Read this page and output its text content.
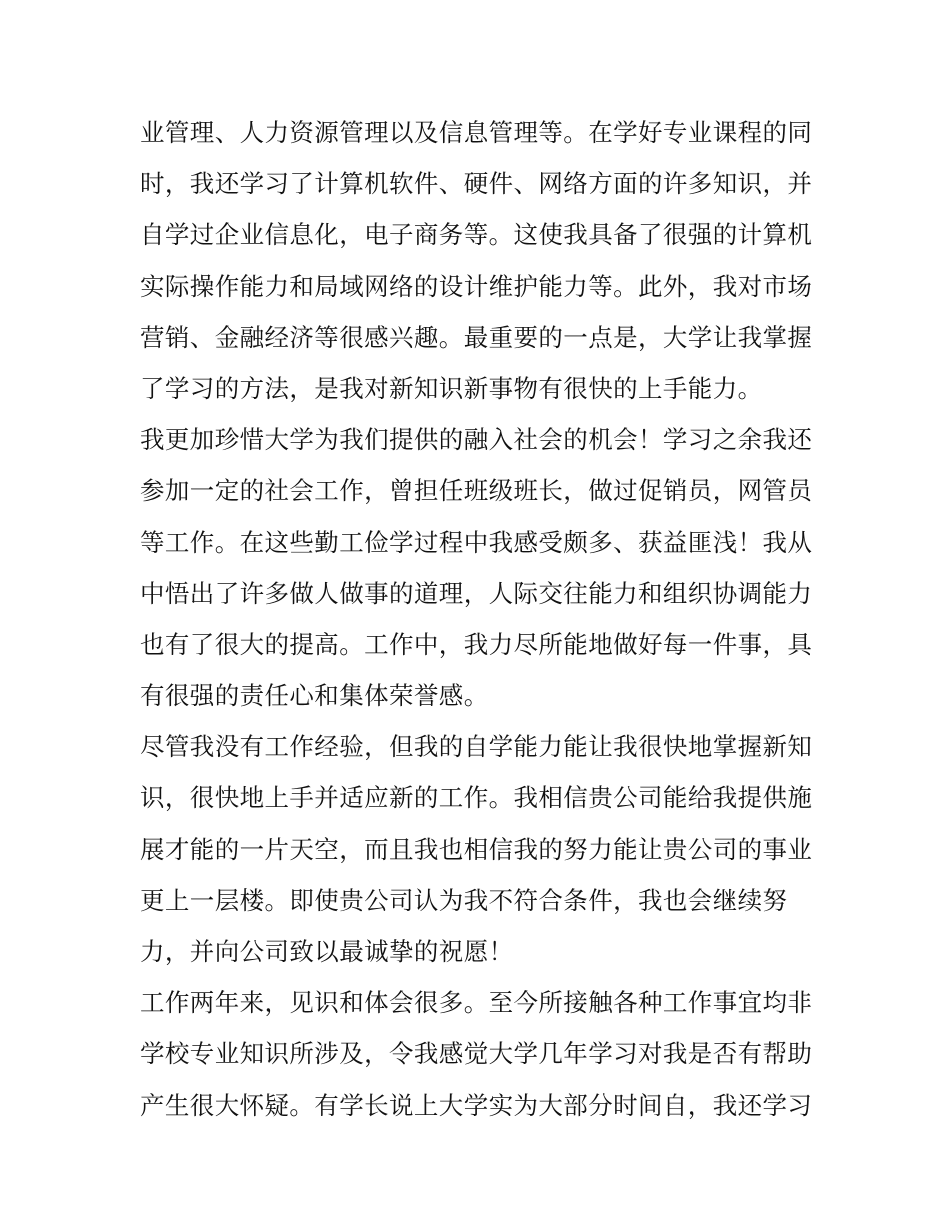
业管理、人力资源管理以及信息管理等。在学好专业课程的同
时，我还学习了计算机软件、硬件、网络方面的许多知识，并
自学过企业信息化，电子商务等。这使我具备了很强的计算机
实际操作能力和局域网络的设计维护能力等。此外，我对市场
营销、金融经济等很感兴趣。最重要的一点是，大学让我掌握
了学习的方法，是我对新知识新事物有很快的上手能力。
我更加珍惜大学为我们提供的融入社会的机会！学习之余我还
参加一定的社会工作，曾担任班级班长，做过促销员，网管员
等工作。在这些勤工俭学过程中我感受颇多、获益匪浅！我从
中悟出了许多做人做事的道理，人际交往能力和组织协调能力
也有了很大的提高。工作中，我力尽所能地做好每一件事，具
有很强的责任心和集体荣誉感。
尽管我没有工作经验，但我的自学能力能让我很快地掌握新知
识，很快地上手并适应新的工作。我相信贵公司能给我提供施
展才能的一片天空，而且我也相信我的努力能让贵公司的事业
更上一层楼。即使贵公司认为我不符合条件，我也会继续努
力，并向公司致以最诚挚的祝愿！
工作两年来，见识和体会很多。至今所接触各种工作事宜均非
学校专业知识所涉及，令我感觉大学几年学习对我是否有帮助
产生很大怀疑。有学长说上大学实为大部分时间自，我还学习
